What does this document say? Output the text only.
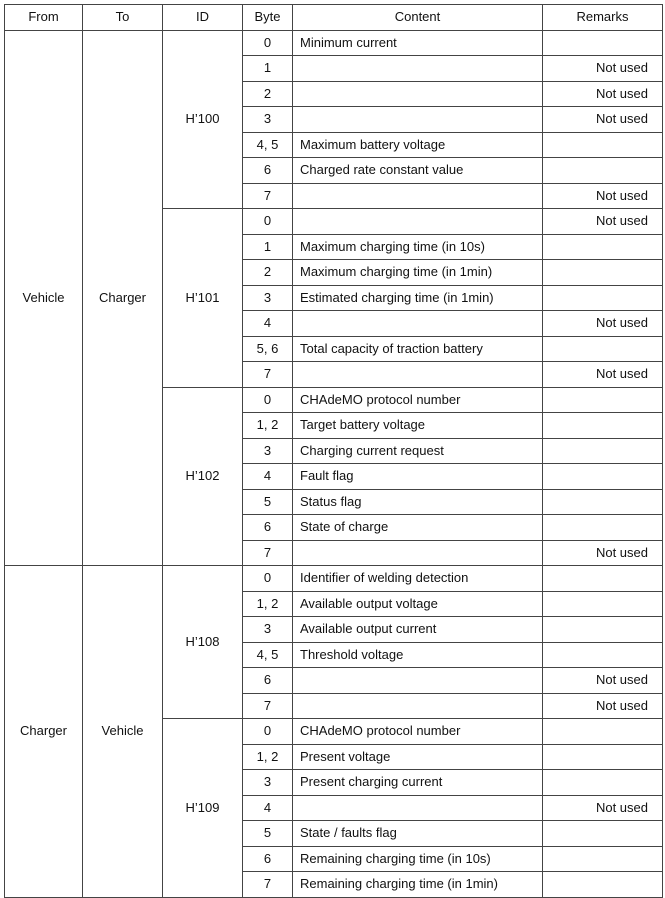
From	To	ID	Byte	Content	Remarks
Vehicle	Charger	H’100	0	Minimum current	
			1		Not used
			2		Not used
			3		Not used
			4, 5	Maximum battery voltage	
			6	Charged rate constant value	
			7		Not used
		H’101	0		Not used
			1	Maximum charging time (in 10s)	
			2	Maximum charging time (in 1min)	
			3	Estimated charging time (in 1min)	
			4		Not used
			5, 6	Total capacity of traction battery	
			7		Not used
		H’102	0	CHAdeMO protocol number	
			1, 2	Target battery voltage	
			3	Charging current request	
			4	Fault flag	
			5	Status flag	
			6	State of charge	
			7		Not used
Charger	Vehicle	H’108	0	Identifier of welding detection	
			1, 2	Available output voltage	
			3	Available output current	
			4, 5	Threshold voltage	
			6		Not used
			7		Not used
		H’109	0	CHAdeMO protocol number	
			1, 2	Present voltage	
			3	Present charging current	
			4		Not used
			5	State / faults flag	
			6	Remaining charging time (in 10s)	
			7	Remaining charging time (in 1min)	
